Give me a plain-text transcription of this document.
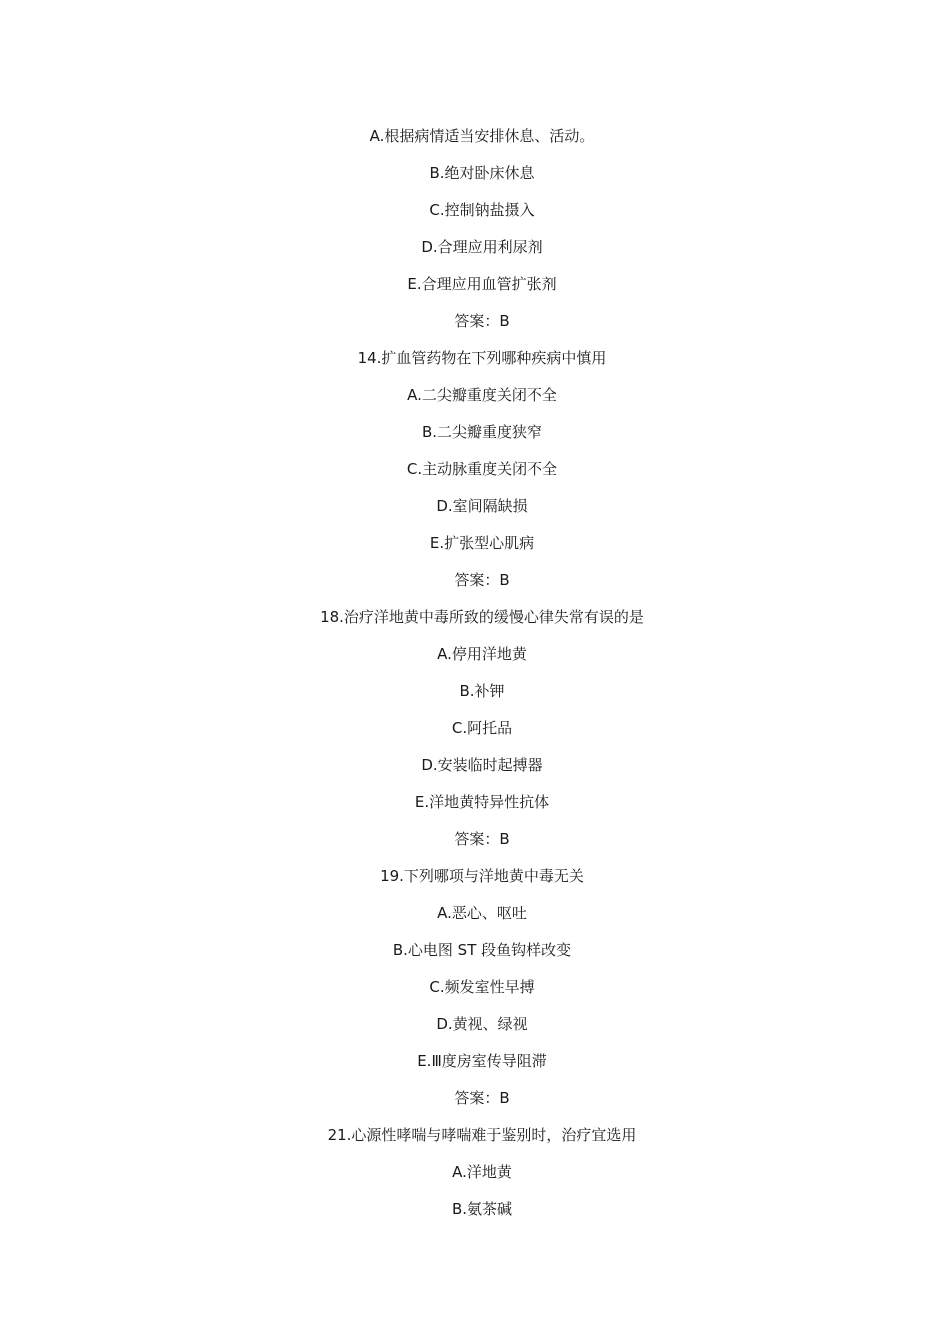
A.根据病情适当安排休息、活动。
B.绝对卧床休息
C.控制钠盐摄入
D.合理应用利尿剂
E.合理应用血管扩张剂
答案：B
14.扩血管药物在下列哪种疾病中慎用
A.二尖瓣重度关闭不全
B.二尖瓣重度狭窄
C.主动脉重度关闭不全
D.室间隔缺损
E.扩张型心肌病
答案：B
18.治疗洋地黄中毒所致的缓慢心律失常有误的是
A.停用洋地黄
B.补钾
C.阿托品
D.安装临时起搏器
E.洋地黄特异性抗体
答案：B
19.下列哪项与洋地黄中毒无关
A.恶心、呕吐
B.心电图 ST 段鱼钩样改变
C.频发室性早搏
D.黄视、绿视
E.Ⅲ度房室传导阻滞
答案：B
21.心源性哮喘与哮喘难于鉴别时，治疗宜选用
A.洋地黄
B.氨茶碱
